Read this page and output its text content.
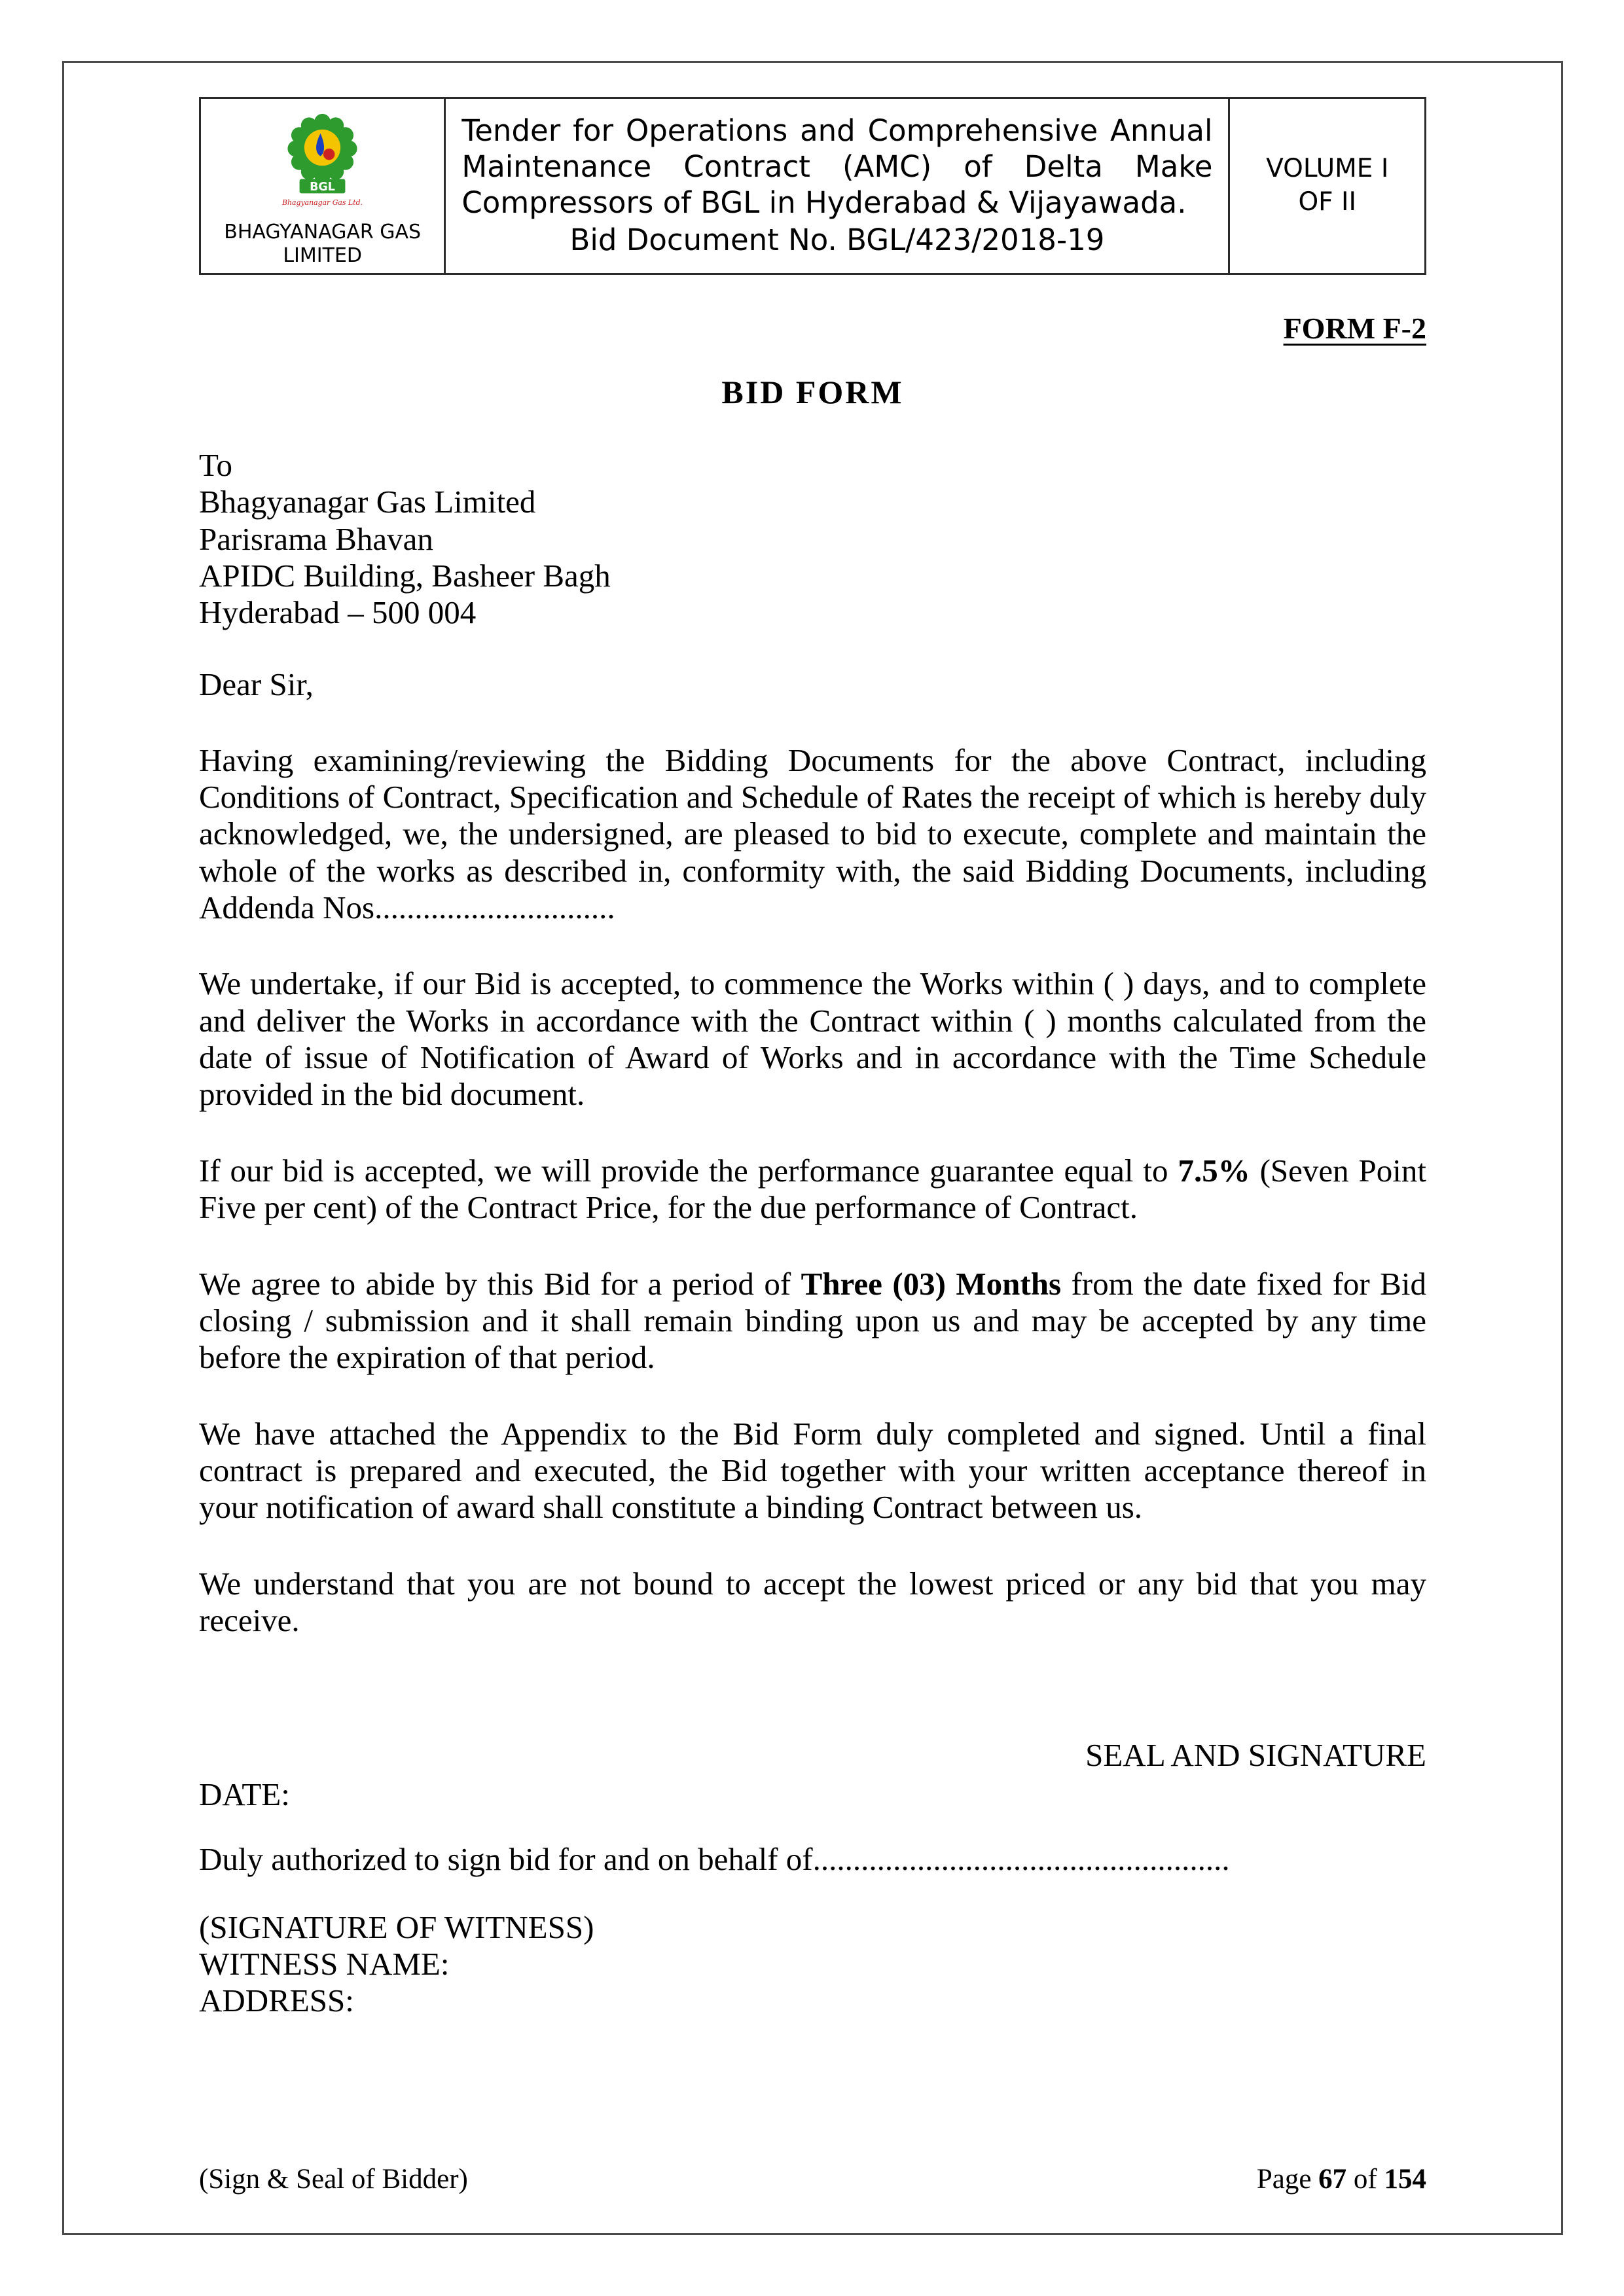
BGL
Bhagyanagar Gas Ltd.
BHAGYANAGAR GAS
LIMITED

Tender for Operations and Comprehensive Annual Maintenance Contract (AMC) of Delta Make Compressors of BGL in Hyderabad & Vijayawada.
Bid Document No. BGL/423/2018-19

VOLUME I
OF II
FORM F-2
BID FORM
To
Bhagyanagar Gas Limited
Parisrama Bhavan
APIDC Building, Basheer Bagh
Hyderabad – 500 004
Dear Sir,

Having examining/reviewing the Bidding Documents for the above Contract, including Conditions of Contract, Specification and Schedule of Rates the receipt of which is hereby duly acknowledged, we, the undersigned, are pleased to bid to execute, complete and maintain the whole of the works as described in, conformity with, the said Bidding Documents, including Addenda Nos..............................

We undertake, if our Bid is accepted, to commence the Works within ( ) days, and to complete and deliver the Works in accordance with the Contract within ( ) months calculated from the date of issue of Notification of Award of Works and in accordance with the Time Schedule provided in the bid document.

If our bid is accepted, we will provide the performance guarantee equal to 7.5% (Seven Point Five per cent) of the Contract Price, for the due performance of Contract.

We agree to abide by this Bid for a period of Three (03) Months from the date fixed for Bid closing / submission and it shall remain binding upon us and may be accepted by any time before the expiration of that period.

We have attached the Appendix to the Bid Form duly completed and signed. Until a final contract is prepared and executed, the Bid together with your written acceptance thereof in your notification of award shall constitute a binding Contract between us.

We understand that you are not bound to accept the lowest priced or any bid that you may receive.

SEAL AND SIGNATURE
DATE:
Duly authorized to sign bid for and on behalf of....................................................
(SIGNATURE OF WITNESS)
WITNESS NAME:
ADDRESS:
(Sign & Seal of Bidder)	Page 67 of 154
